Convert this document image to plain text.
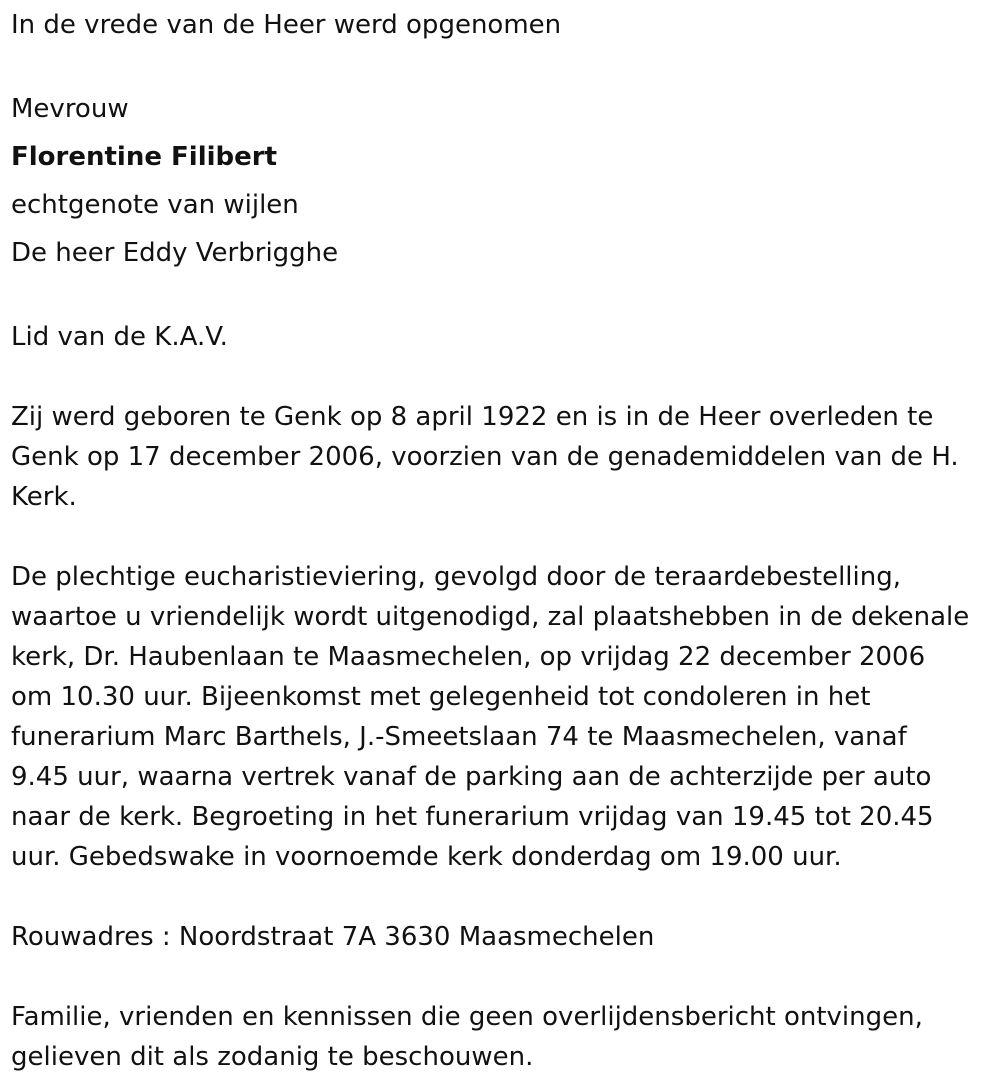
In de vrede van de Heer werd opgenomen

Mevrouw

Florentine Filibert

echtgenote van wijlen

De heer Eddy Verbrigghe

Lid van de K.A.V.

Zij werd geboren te Genk op 8 april 1922 en is in de Heer overleden te

Genk op 17 december 2006, voorzien van de genademiddelen van de H.

Kerk.

De plechtige eucharistieviering, gevolgd door de teraardebestelling,

waartoe u vriendelijk wordt uitgenodigd, zal plaatshebben in de dekenale

kerk, Dr. Haubenlaan te Maasmechelen, op vrijdag 22 december 2006

om 10.30 uur. Bijeenkomst met gelegenheid tot condoleren in het

funerarium Marc Barthels, J.-Smeetslaan 74 te Maasmechelen, vanaf

9.45 uur, waarna vertrek vanaf de parking aan de achterzijde per auto

naar de kerk. Begroeting in het funerarium vrijdag van 19.45 tot 20.45

uur. Gebedswake in voornoemde kerk donderdag om 19.00 uur.

Rouwadres : Noordstraat 7A 3630 Maasmechelen

Familie, vrienden en kennissen die geen overlijdensbericht ontvingen,

gelieven dit als zodanig te beschouwen.
